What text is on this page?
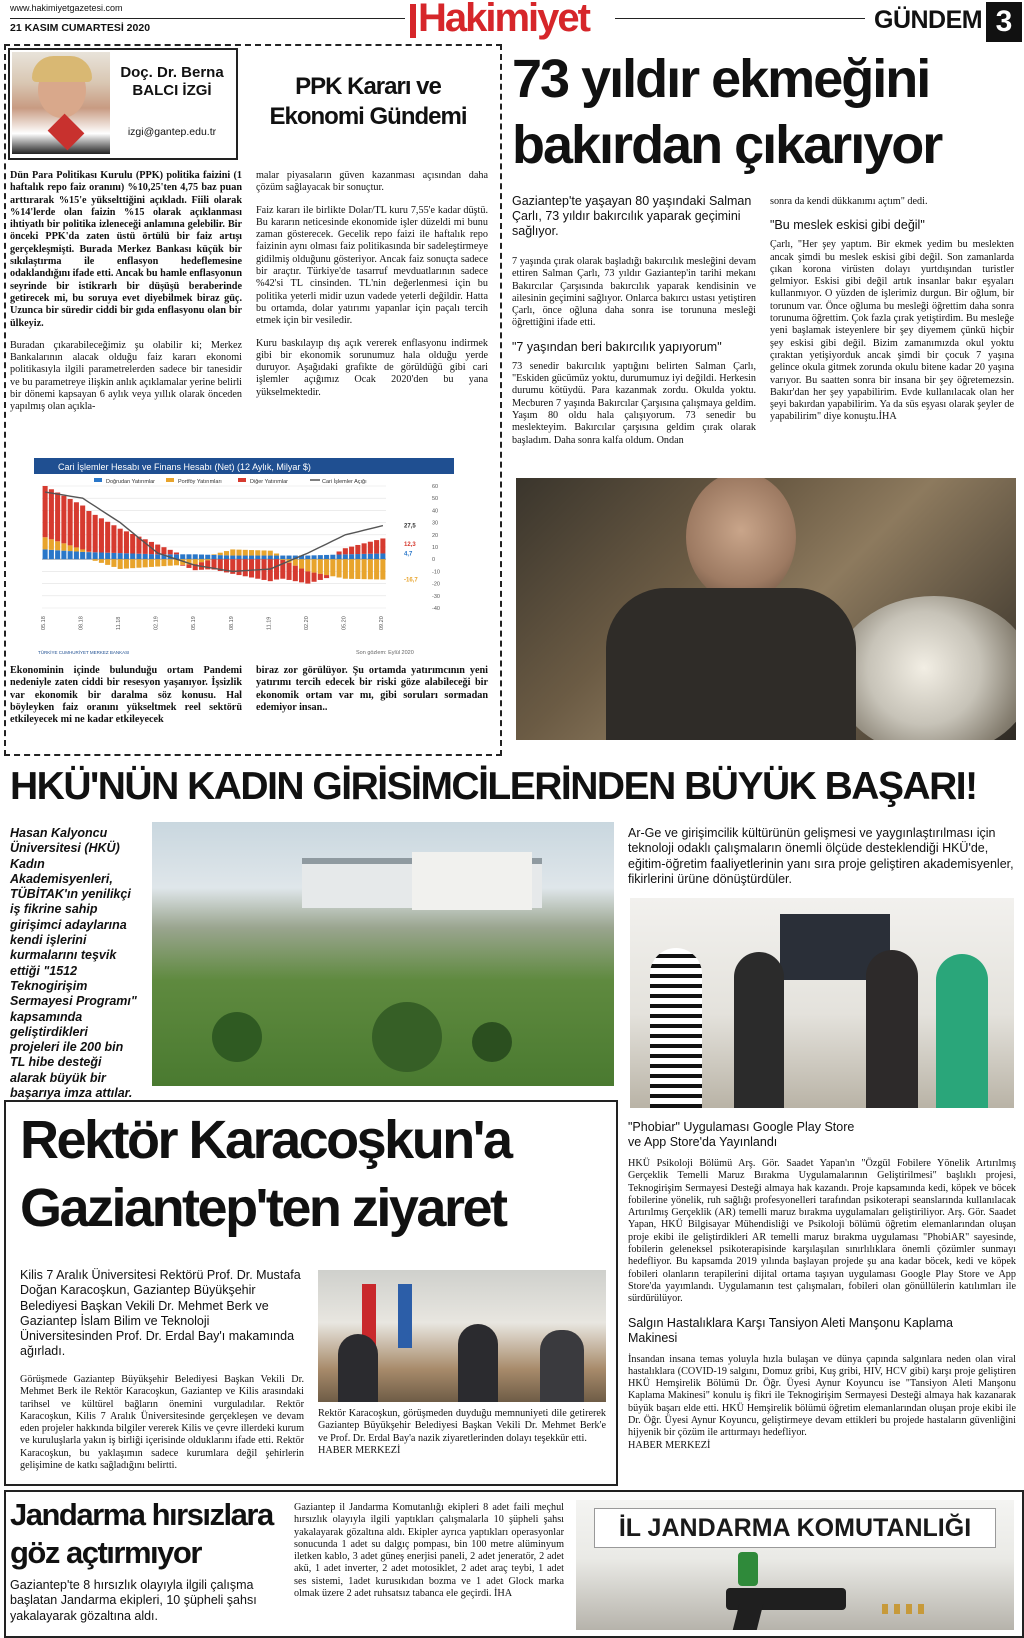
www.hakimiyetgazetesi.com
21 KASIM CUMARTESİ 2020	Hakimiyet	GÜNDEM 3
Doç. Dr. Berna BALCI İZGİ
izgi@gantep.edu.tr
PPK Kararı ve Ekonomi Gündemi

Dün Para Politikası Kurulu (PPK) politika faizini (1 haftalık repo faiz oranını) %10,25'ten 4,75 baz puan arttırarak %15'e yükselttiğini açıkladı. Fiili olarak %14'lerde olan faizin %15 olarak açıklanması ihtiyatlı bir politika izleneceği anlamına gelebilir. Bir önceki PPK'da zaten üstü örtülü bir faiz artışı gerçekleşmişti. Burada Merkez Bankası küçük bir sıkılaştırma ile enflasyon hedeflemesine odaklandığını ifade etti. Ancak bu hamle enflasyonun seyrinde bir istikrarlı bir düşüşü beraberinde getirecek mi, bu soruya evet diyebilmek biraz güç. Uzunca bir süredir ciddi bir gıda enflasyonu olan bir ülkeyiz.

Buradan çıkarabileceğimiz şu olabilir ki; Merkez Bankalarının alacak olduğu faiz kararı ekonomi politikasıyla ilgili parametrelerden sadece bir tanesidir ve bu parametreye ilişkin anlık açıklamalar yerine belirli bir dönemi kapsayan 6 aylık veya yıllık olarak önceden yapılmış olan açıkla-

malar piyasaların güven kazanması açısından daha çözüm sağlayacak bir sonuçtur.

Faiz kararı ile birlikte Dolar/TL kuru 7,55'e kadar düştü. Bu kararın neticesinde ekonomide işler düzeldi mi bunu zaman gösterecek. Gecelik repo faizi ile haftalık repo faizinin aynı olması faiz politikasında bir sadeleştirmeye gidilmiş olduğunu gösteriyor. Ancak faiz sonuçta sadece bir araçtır. Türkiye'de tasarruf mevduatlarının sadece %42'si TL cinsinden. TL'nin değerlenmesi için bu politika yeterli midir uzun vadede yeterli değildir. Hatta bu ortamda, dolar yatırımı yapanlar için paçalı tercih etmek için bir vesiledir.

Kuru baskılayıp dış açık vererek enflasyonu indirmek gibi bir ekonomik sorunumuz hala olduğu yerde duruyor. Aşağıdaki grafikte de görüldüğü gibi cari işlemler açığımız Ocak 2020'den bu yana yükselmektedir.

Cari İşlemler Hesabı ve Finans Hesabı (Net) (12 Aylık, Milyar $)
Doğrudan Yatırımlar	Portföy Yatırımları	Diğer Yatırımlar	Cari İşlemler Açığı
60
50
40
30
20
10
0
-10
-20
-30
-40
27,5
12,3
4,7
-16,7
05.18	08.18	11.18	02.19	05.19	08.19	11.19	02.20	05.20	09.20
Son gözlem: Eylül 2020
TÜRKİYE CUMHURİYET MERKEZ BANKASI
Ekonominin içinde bulunduğu ortam Pandemi nedeniyle zaten ciddi bir resesyon yaşanıyor. İşsizlik var ekonomik bir daralma söz konusu. Hal böyleyken faiz oranını yükseltmek reel sektörü etkileyecek mi ne kadar etkileyecek
biraz zor görülüyor. Şu ortamda yatırımcının yeni yatırımı tercih edecek bir riski göze alabileceği bir ekonomik ortam var mı, gibi soruları sormadan edemiyor insan..
73 yıldır ekmeğini bakırdan çıkarıyor
Gaziantep'te yaşayan 80 yaşındaki Salman Çarlı, 73 yıldır bakırcılık yaparak geçimini sağlıyor.

7 yaşında çırak olarak başladığı bakırcılık mesleğini devam ettiren Salman Çarlı, 73 yıldır Gaziantep'in tarihi mekanı Bakırcılar Çarşısında bakırcılık yaparak kendisinin ve ailesinin geçimini sağlıyor. Onlarca bakırcı ustası yetiştiren Çarlı, önce oğluna daha sonra ise torununa mesleği öğrettiğini ifade etti.

"7 yaşından beri bakırcılık yapıyorum"

73 senedir bakırcılık yaptığını belirten Salman Çarlı, "Eskiden gücümüz yoktu, durumumuz iyi değildi. Herkesin durumu kötüydü. Para kazanmak zordu. Okulda yoktu. Mecburen 7 yaşında Bakırcılar Çarşısına çalışmaya geldim. Yaşım 80 oldu hala çalışıyorum. 73 senedir bu meslekteyim. Bakırcılar çarşısına geldim çırak olarak başladım. Daha sonra kalfa oldum. Ondan

sonra da kendi dükkanımı açtım" dedi.

"Bu meslek eskisi gibi değil"

Çarlı, "Her şey yaptım. Bir ekmek yedim bu meslekten ancak şimdi bu meslek eskisi gibi değil. Son zamanlarda çıkan korona virüsten dolayı yurtdışından turistler gelmiyor. Eskisi gibi değil artık insanlar bakır eşyaları kullanmıyor. O yüzden de işlerimiz durgun. Bir oğlum, bir torunum var. Önce oğluma bu mesleği öğrettim daha sonra torunuma öğrettim. Çok fazla çırak yetiştirdim. Bu mesleğe yeni başlamak isteyenlere bir şey diyemem çünkü hiçbir şey eskisi gibi değil. Bizim zamanımızda okul yoktu çıraktan yetişiyorduk ancak şimdi bir çocuk 7 yaşına gelince okula gitmek zorunda okulu bitene kadar 20 yaşına varıyor. Bu saatten sonra bir insana bir şey öğretemezsin. Bakır'dan her şey yapabilirim. Evde kullanılacak olan her şeyi bakırdan yapabilirim. Ya da süs eşyası olarak şeyler de yapabilirim" diye konuştu.İHA

HKÜ'NÜN KADIN GİRİSİMCİLERİNDEN BÜYÜK BAŞARI!
Hasan Kalyoncu Üniversitesi (HKÜ) Kadın Akademisyenleri, TÜBİTAK'ın yenilikçi iş fikrine sahip girişimci adaylarına kendi işlerini kurmalarını teşvik ettiği "1512 Teknogirişim Sermayesi Programı" kapsamında geliştirdikleri projeleri ile 200 bin TL hibe desteği alarak büyük bir başarıya imza attılar.
Ar-Ge ve girişimcilik kültürünün gelişmesi ve yaygınlaştırılması için teknoloji odaklı çalışmaların önemli ölçüde desteklendiği HKÜ'de, eğitim-öğretim faaliyetlerinin yanı sıra proje geliştiren akademisyenler, fikirlerini ürüne dönüştürdüler.

"Phobiar" Uygulaması Google Play Store ve App Store'da Yayınlandı

HKÜ Psikoloji Bölümü Arş. Gör. Saadet Yapan'ın "Özgül Fobilere Yönelik Artırılmış Gerçeklik Temelli Maruz Bırakma Uygulamalarının Geliştirilmesi" başlıklı projesi, Teknogirişim Sermayesi Desteği almaya hak kazandı. Proje kapsamında kedi, köpek ve böcek fobilerine yönelik, ruh sağlığı profesyonelleri tarafından psikoterapi seanslarında kullanılacak Artırılmış Gerçeklik (AR) temelli maruz bırakma uygulamaları geliştiriliyor. Arş. Gör. Saadet Yapan, HKÜ Bilgisayar Mühendisliği ve Psikoloji bölümü öğretim elemanlarından oluşan proje ekibi ile geliştirdikleri AR temelli maruz bırakma uygulaması "PhobiAR" sayesinde, fobilerin geleneksel psikoterapisinde karşılaşılan sınırlılıklara önemli çözümler sunmayı hedefliyor. Bu kapsamda 2019 yılında başlayan projede şu ana kadar böcek, kedi ve köpek fobileri olanların terapilerini dijital ortama taşıyan uygulaması Google Play Store ve App Store'da yayımlandı. Uygulamanın test çalışmaları, fobileri olan gönüllülerin katılımları ile sürdürülüyor.

Salgın Hastalıklara Karşı Tansiyon Aleti Manşonu Kaplama Makinesi

İnsandan insana temas yoluyla hızla bulaşan ve dünya çapında salgınlara neden olan viral hastalıklara (COVID-19 salgını, Domuz gribi, Kuş gribi, HIV, HCV gibi) karşı proje geliştiren HKÜ Hemşirelik Bölümü Dr. Öğr. Üyesi Aynur Koyuncu ise "Tansiyon Aleti Manşonu Kaplama Makinesi" konulu iş fikri ile Teknogirişim Sermayesi Desteği almaya hak kazanarak büyük başarı elde etti. HKÜ Hemşirelik bölümü öğretim elemanlarından oluşan proje ekibi ile Dr. Öğr. Üyesi Aynur Koyuncu, geliştirmeye devam ettikleri bu projede hastaların güvenliğini hijyenik bir çözüm ile arttırmayı hedefliyor.

HABER MERKEZİ

Rektör Karacoşkun'a
Gaziantep'ten ziyaret
Kilis 7 Aralık Üniversitesi Rektörü Prof. Dr. Mustafa Doğan Karacoşkun, Gaziantep Büyükşehir Belediyesi Başkan Vekili Dr. Mehmet Berk ve Gaziantep İslam Bilim ve Teknoloji Üniversitesinden Prof. Dr. Erdal Bay'ı makamında ağırladı.
Görüşmede Gaziantep Büyükşehir Belediyesi Başkan Vekili Dr. Mehmet Berk ile Rektör Karacoşkun, Gaziantep ve Kilis arasındaki tarihsel ve kültürel bağların önemini vurguladılar. Rektör Karacoşkun, Kilis 7 Aralık Üniversitesinde gerçekleşen ve devam eden projeler hakkında bilgiler vererek Kilis ve çevre illerdeki kurum ve kuruluşlarla yakın iş birliği içerisinde olduklarını ifade etti. Rektör Karacoşkun, bu yaklaşımın sadece kurumlara değil şehirlerin gelişimine de katkı sağladığını belirtti.

Rektör Karacoşkun, görüşmeden duyduğu memnuniyeti dile getirerek Gaziantep Büyükşehir Belediyesi Başkan Vekili Dr. Mehmet Berk'e ve Prof. Dr. Erdal Bay'a nazik ziyaretlerinden dolayı teşekkür etti.

HABER MERKEZİ

Jandarma hırsızlara
göz açtırmıyor
Gaziantep'te 8 hırsızlık olayıyla ilgili çalışma başlatan Jandarma ekipleri, 10 şüpheli şahsı yakalayarak gözaltına aldı.
Gaziantep il Jandarma Komutanlığı ekipleri 8 adet faili meçhul hırsızlık olayıyla ilgili yaptıkları çalışmalarla 10 şüpheli şahsı yakalayarak gözaltına aldı. Ekipler ayrıca yaptıkları operasyonlar sonucunda 1 adet su dalgıç pompası, bin 100 metre alüminyum iletken kablo, 3 adet güneş enerjisi paneli, 2 adet jeneratör, 2 adet akü, 1 adet inverter, 2 adet motosiklet, 2 adet araç teybi, 1 adet ses sistemi, 1adet kurusıkıdan bozma ve 1 adet Glock marka olmak üzere 2 adet ruhsatsız tabanca ele geçirdi. İHA
İL JANDARMA KOMUTANLIĞI
